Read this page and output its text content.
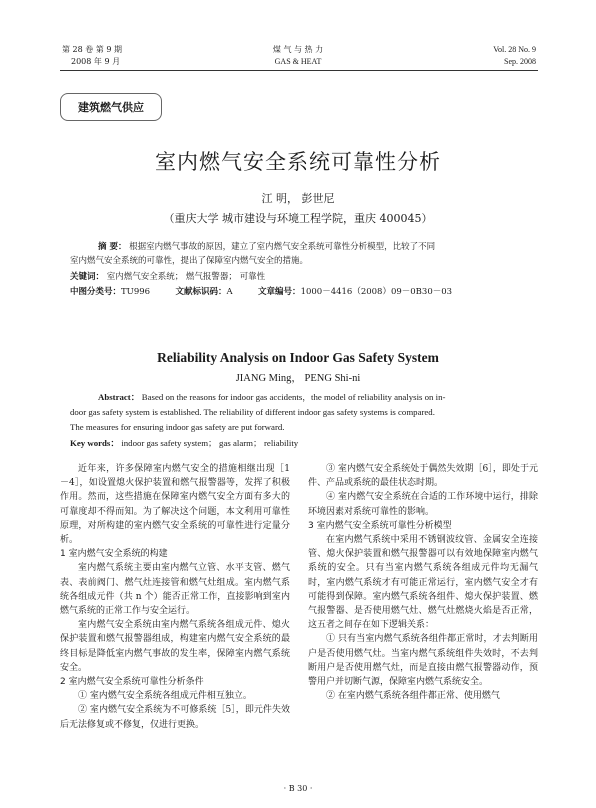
第 28 卷 第 9 期
2008 年 9 月
煤 气 与 热 力
GAS & HEAT
Vol. 28 No. 9
Sep. 2008
建筑燃气供应
室内燃气安全系统可靠性分析
江 明， 彭世尼
（重庆大学 城市建设与环境工程学院，重庆 400045）
摘 要： 根据室内燃气事故的原因，建立了室内燃气安全系统可靠性分析模型，比较了不同
室内燃气安全系统的可靠性，提出了保障室内燃气安全的措施。
关键词： 室内燃气安全系统； 燃气报警器； 可靠性
中图分类号：TU996	文献标识码：A	文章编号：1000－4416（2008）09－0B30－03
Reliability Analysis on Indoor Gas Safety System
JIANG Ming， PENG Shi-ni
Abstract： Based on the reasons for indoor gas accidents，the model of reliability analysis on in-
door gas safety system is established. The reliability of different indoor gas safety systems is compared.
The measures for ensuring indoor gas safety are put forward.
Key words： indoor gas safety system； gas alarm； reliability

近年来，许多保障室内燃气安全的措施相继出现［1－4］，如设置熄火保护装置和燃气报警器等，发挥了积极作用。然而，这些措施在保障室内燃气安全方面有多大的可靠度却不得而知。为了解决这个问题，本文利用可靠性原理，对所构建的室内燃气安全系统的可靠性进行定量分析。

1 室内燃气安全系统的构建

室内燃气系统主要由室内燃气立管、水平支管、燃气表、表前阀门、燃气灶连接管和燃气灶组成。室内燃气系统各组成元件（共 n 个）能否正常工作，直接影响到室内燃气系统的正常工作与安全运行。

室内燃气安全系统由室内燃气系统各组成元件、熄火保护装置和燃气报警器组成，构建室内燃气安全系统的最终目标是降低室内燃气事故的发生率，保障室内燃气系统安全。

2 室内燃气安全系统可靠性分析条件

① 室内燃气安全系统各组成元件相互独立。

② 室内燃气安全系统为不可修系统［5］，即元件失效后无法修复或不修复，仅进行更换。

③ 室内燃气安全系统处于偶然失效期［6］，即处于元件、产品或系统的最佳状态时期。

④ 室内燃气安全系统在合适的工作环境中运行，排除环境因素对系统可靠性的影响。

3 室内燃气安全系统可靠性分析模型

在室内燃气系统中采用不锈钢波纹管、金属安全连接管、熄火保护装置和燃气报警器可以有效地保障室内燃气系统的安全。只有当室内燃气系统各组成元件均无漏气时，室内燃气系统才有可能正常运行，室内燃气安全才有可能得到保障。室内燃气系统各组件、熄火保护装置、燃气报警器、是否使用燃气灶、燃气灶燃烧火焰是否正常，这五者之间存在如下逻辑关系：

① 只有当室内燃气系统各组件都正常时，才去判断用户是否使用燃气灶。当室内燃气系统组件失效时，不去判断用户是否使用燃气灶，而是直接由燃气报警器动作，预警用户并切断气源，保障室内燃气系统安全。

② 在室内燃气系统各组件都正常、使用燃气

· B 30 ·
